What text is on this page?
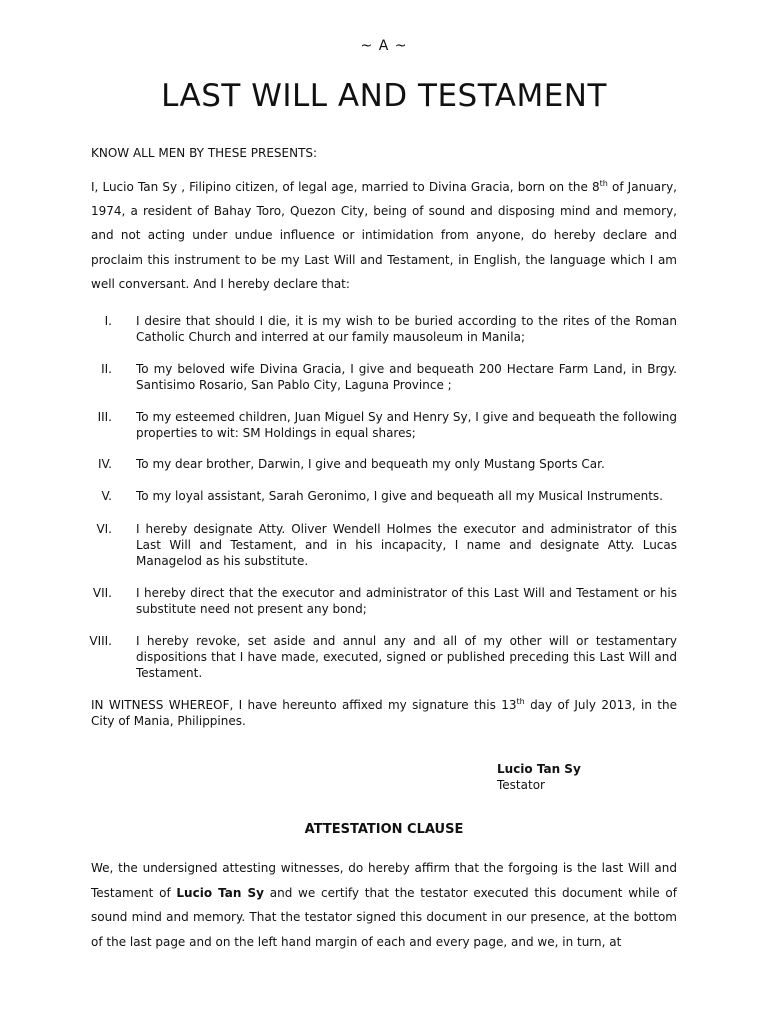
~ A ~
LAST WILL AND TESTAMENT

KNOW ALL MEN BY THESE PRESENTS:

I, Lucio Tan Sy , Filipino citizen, of legal age, married to Divina Gracia, born on the 8th of January, 1974, a resident of Bahay Toro, Quezon City, being of sound and disposing mind and memory, and not acting under undue influence or intimidation from anyone, do hereby declare and proclaim this instrument to be my Last Will and Testament, in English, the language which I am well conversant. And I hereby declare that:

I. I desire that should I die, it is my wish to be buried according to the rites of the Roman Catholic Church and interred at our family mausoleum in Manila;
II. To my beloved wife Divina Gracia, I give and bequeath 200 Hectare Farm Land, in Brgy. Santisimo Rosario, San Pablo City, Laguna Province ;
III. To my esteemed children, Juan Miguel Sy and Henry Sy, I give and bequeath the following properties to wit: SM Holdings in equal shares;
IV. To my dear brother, Darwin, I give and bequeath my only Mustang Sports Car.
V. To my loyal assistant, Sarah Geronimo, I give and bequeath all my Musical Instruments.
VI. I hereby designate Atty. Oliver Wendell Holmes the executor and administrator of this Last Will and Testament, and in his incapacity, I name and designate Atty. Lucas Managelod as his substitute.
VII. I hereby direct that the executor and administrator of this Last Will and Testament or his substitute need not present any bond;
VIII. I hereby revoke, set aside and annul any and all of my other will or testamentary dispositions that I have made, executed, signed or published preceding this Last Will and Testament.

IN WITNESS WHEREOF, I have hereunto affixed my signature this 13th day of July 2013, in the City of Mania, Philippines.

Lucio Tan Sy
Testator
ATTESTATION CLAUSE

We, the undersigned attesting witnesses, do hereby affirm that the forgoing is the last Will and Testament of Lucio Tan Sy and we certify that the testator executed this document while of sound mind and memory. That the testator signed this document in our presence, at the bottom of the last page and on the left hand margin of each and every page, and we, in turn, at
